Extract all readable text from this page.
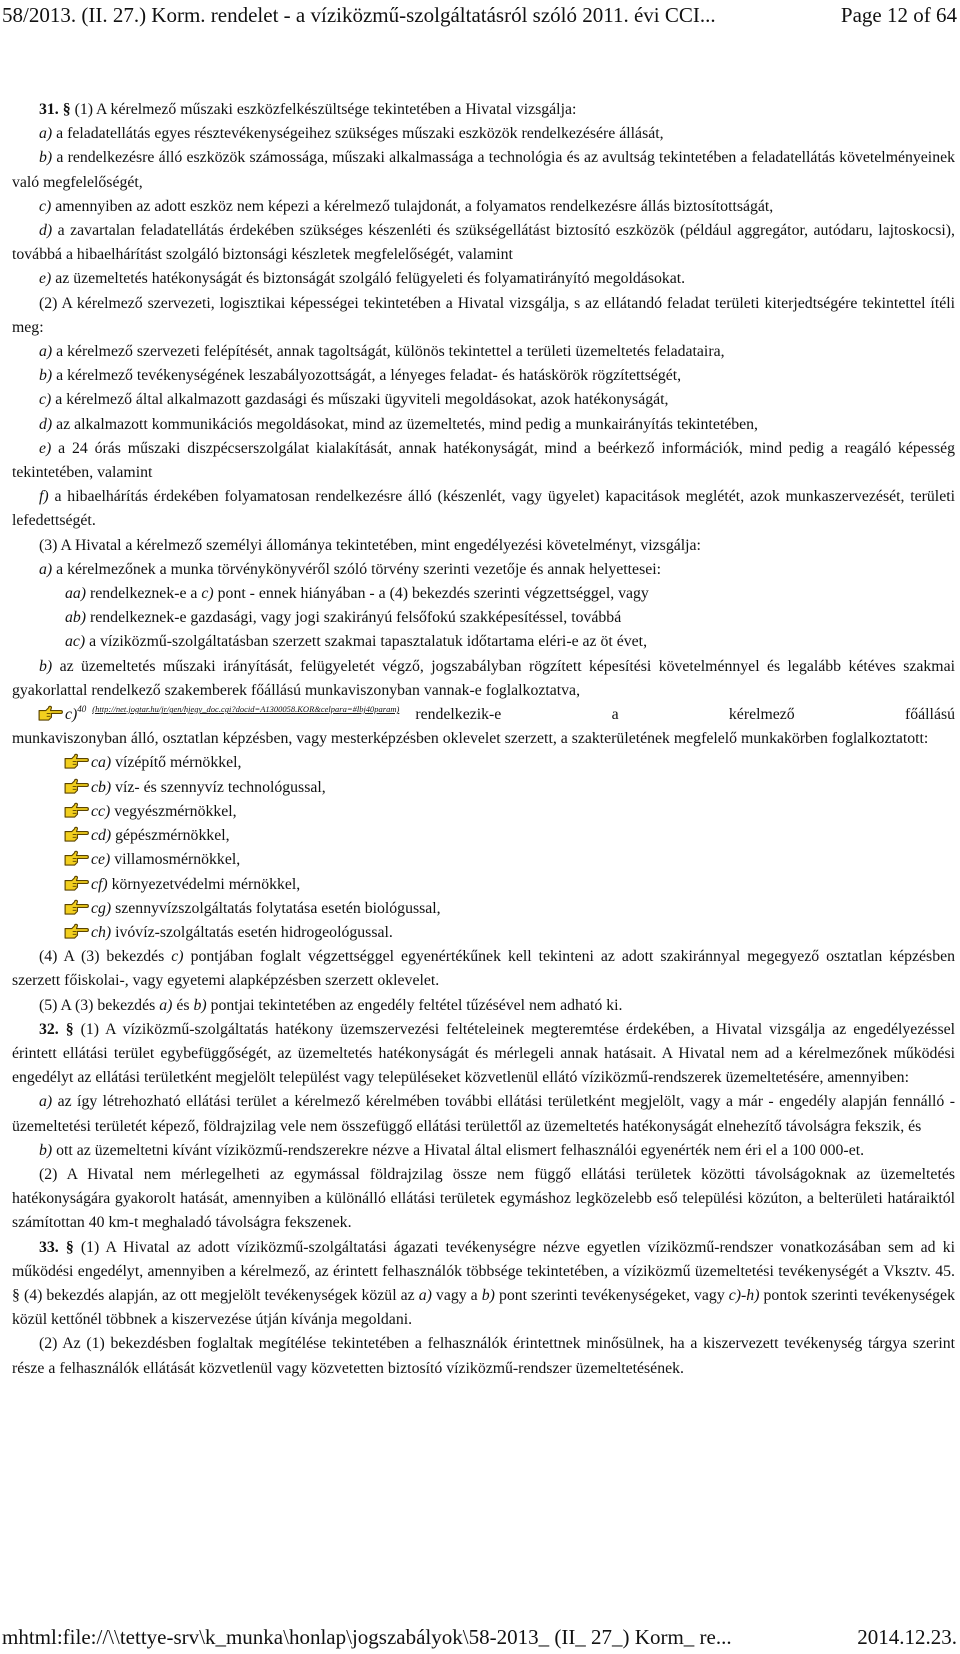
58/2013. (II. 27.) Korm. rendelet - a víziközmű-szolgáltatásról szóló 2011. évi CCI...	Page 12 of 64

31. § (1) A kérelmező műszaki eszközfelkészültsége tekintetében a Hivatal vizsgálja:

a) a feladatellátás egyes résztevékenységeihez szükséges műszaki eszközök rendelkezésére állását,

b) a rendelkezésre álló eszközök számossága, műszaki alkalmassága a technológia és az avultság tekintetében a feladatellátás követelményeinek való megfelelőségét,

c) amennyiben az adott eszköz nem képezi a kérelmező tulajdonát, a folyamatos rendelkezésre állás biztosítottságát,

d) a zavartalan feladatellátás érdekében szükséges készenléti és szükségellátást biztosító eszközök (például aggregátor, autódaru, lajtoskocsi), továbbá a hibaelhárítást szolgáló biztonsági készletek megfelelőségét, valamint

e) az üzemeltetés hatékonyságát és biztonságát szolgáló felügyeleti és folyamatirányító megoldásokat.

(2) A kérelmező szervezeti, logisztikai képességei tekintetében a Hivatal vizsgálja, s az ellátandó feladat területi kiterjedtségére tekintettel ítéli meg:

a) a kérelmező szervezeti felépítését, annak tagoltságát, különös tekintettel a területi üzemeltetés feladataira,

b) a kérelmező tevékenységének leszabályozottságát, a lényeges feladat- és hatáskörök rögzítettségét,

c) a kérelmező által alkalmazott gazdasági és műszaki ügyviteli megoldásokat, azok hatékonyságát,

d) az alkalmazott kommunikációs megoldásokat, mind az üzemeltetés, mind pedig a munkairányítás tekintetében,

e) a 24 órás műszaki diszpécserszolgálat kialakítását, annak hatékonyságát, mind a beérkező információk, mind pedig a reagáló képesség tekintetében, valamint

f) a hibaelhárítás érdekében folyamatosan rendelkezésre álló (készenlét, vagy ügyelet) kapacitások meglétét, azok munkaszervezését, területi lefedettségét.

(3) A Hivatal a kérelmező személyi állománya tekintetében, mint engedélyezési követelményt, vizsgálja:

a) a kérelmezőnek a munka törvénykönyvéről szóló törvény szerinti vezetője és annak helyettesei:

aa) rendelkeznek-e a c) pont - ennek hiányában - a (4) bekezdés szerinti végzettséggel, vagy

ab) rendelkeznek-e gazdasági, vagy jogi szakirányú felsőfokú szakképesítéssel, továbbá

ac) a víziközmű-szolgáltatásban szerzett szakmai tapasztalatuk időtartama eléri-e az öt évet,

b) az üzemeltetés műszaki irányítását, felügyeletét végző, jogszabályban rögzített képesítési követelménnyel és legalább kétéves szakmai gyakorlattal rendelkező szakemberek főállású munkaviszonyban vannak-e foglalkoztatva,

c) 40 (http://net.jogtar.hu/jr/gen/hjegy_doc.cgi?docid=A1300058.KOR&celpara=#lbj40param)	rendelkezik-e a kérelmező főállású

munkaviszonyban álló, osztatlan képzésben, vagy mesterképzésben oklevelet szerzett, a szakterületének megfelelő munkakörben foglalkoztatott:

ca) vízépítő mérnökkel,
cb) víz- és szennyvíz technológussal,
cc) vegyészmérnökkel,
cd) gépészmérnökkel,
ce) villamosmérnökkel,
cf) környezetvédelmi mérnökkel,
cg) szennyvízszolgáltatás folytatása esetén biológussal,
ch) ivóvíz-szolgáltatás esetén hidrogeológussal.

(4) A (3) bekezdés c) pontjában foglalt végzettséggel egyenértékűnek kell tekinteni az adott szakiránnyal megegyező osztatlan képzésben szerzett főiskolai-, vagy egyetemi alapképzésben szerzett oklevelet.

(5) A (3) bekezdés a) és b) pontjai tekintetében az engedély feltétel tűzésével nem adható ki.

32. § (1) A víziközmű-szolgáltatás hatékony üzemszervezési feltételeinek megteremtése érdekében, a Hivatal vizsgálja az engedélyezéssel érintett ellátási terület egybefüggőségét, az üzemeltetés hatékonyságát és mérlegeli annak hatásait. A Hivatal nem ad a kérelmezőnek működési engedélyt az ellátási területként megjelölt települést vagy településeket közvetlenül ellátó víziközmű-rendszerek üzemeltetésére, amennyiben:

a) az így létrehozható ellátási terület a kérelmező kérelmében további ellátási területként megjelölt, vagy a már - engedély alapján fennálló - üzemeltetési területét képező, földrajzilag vele nem összefüggő ellátási területtől az üzemeltetés hatékonyságát elnehezítő távolságra fekszik, és

b) ott az üzemeltetni kívánt víziközmű-rendszerekre nézve a Hivatal által elismert felhasználói egyenérték nem éri el a 100 000-et.

(2) A Hivatal nem mérlegelheti az egymással földrajzilag össze nem függő ellátási területek közötti távolságoknak az üzemeltetés hatékonyságára gyakorolt hatását, amennyiben a különálló ellátási területek egymáshoz legközelebb eső települési közúton, a belterületi határaiktól számítottan 40 km-t meghaladó távolságra fekszenek.

33. § (1) A Hivatal az adott víziközmű-szolgáltatási ágazati tevékenységre nézve egyetlen víziközmű-rendszer vonatkozásában sem ad ki működési engedélyt, amennyiben a kérelmező, az érintett felhasználók többsége tekintetében, a víziközmű üzemeltetési tevékenységét a Vksztv. 45. § (4) bekezdés alapján, az ott megjelölt tevékenységek közül az a) vagy a b) pont szerinti tevékenységeket, vagy c)-h) pontok szerinti tevékenységek közül kettőnél többnek a kiszervezése útján kívánja megoldani.

(2) Az (1) bekezdésben foglaltak megítélése tekintetében a felhasználók érintettnek minősülnek, ha a kiszervezett tevékenység tárgya szerint része a felhasználók ellátását közvetlenül vagy közvetetten biztosító víziközmű-rendszer üzemeltetésének.

mhtml:file://\\tettye-srv\k_munka\honlap\jogszabályok\58-2013_ (II_ 27_) Korm_ re...	2014.12.23.
